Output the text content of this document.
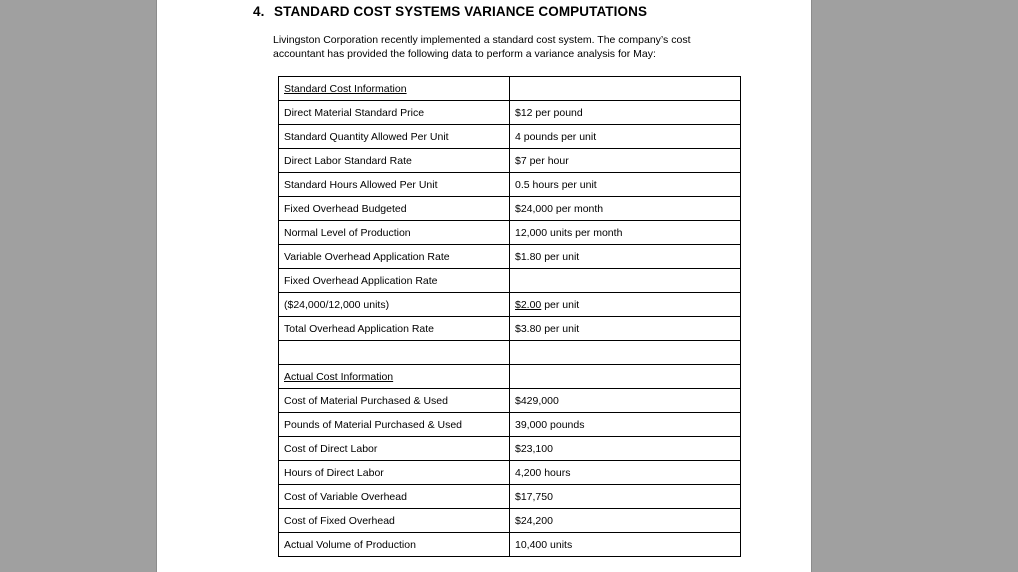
4. STANDARD COST SYSTEMS VARIANCE COMPUTATIONS
Livingston Corporation recently implemented a standard cost system. The company’s cost
accountant has provided the following data to perform a variance analysis for May:
Standard Cost Information	
Direct Material Standard Price	$12 per pound
Standard Quantity Allowed Per Unit	4 pounds per unit
Direct Labor Standard Rate	$7 per hour
Standard Hours Allowed Per Unit	0.5 hours per unit
Fixed Overhead Budgeted	$24,000 per month
Normal Level of Production	12,000 units per month
Variable Overhead Application Rate	$1.80 per unit
Fixed Overhead Application Rate	
($24,000/12,000 units)	$2.00 per unit
Total Overhead Application Rate	$3.80 per unit

Actual Cost Information	
Cost of Material Purchased & Used	$429,000
Pounds of Material Purchased & Used	39,000 pounds
Cost of Direct Labor	$23,100
Hours of Direct Labor	4,200 hours
Cost of Variable Overhead	$17,750
Cost of Fixed Overhead	$24,200
Actual Volume of Production	10,400 units
